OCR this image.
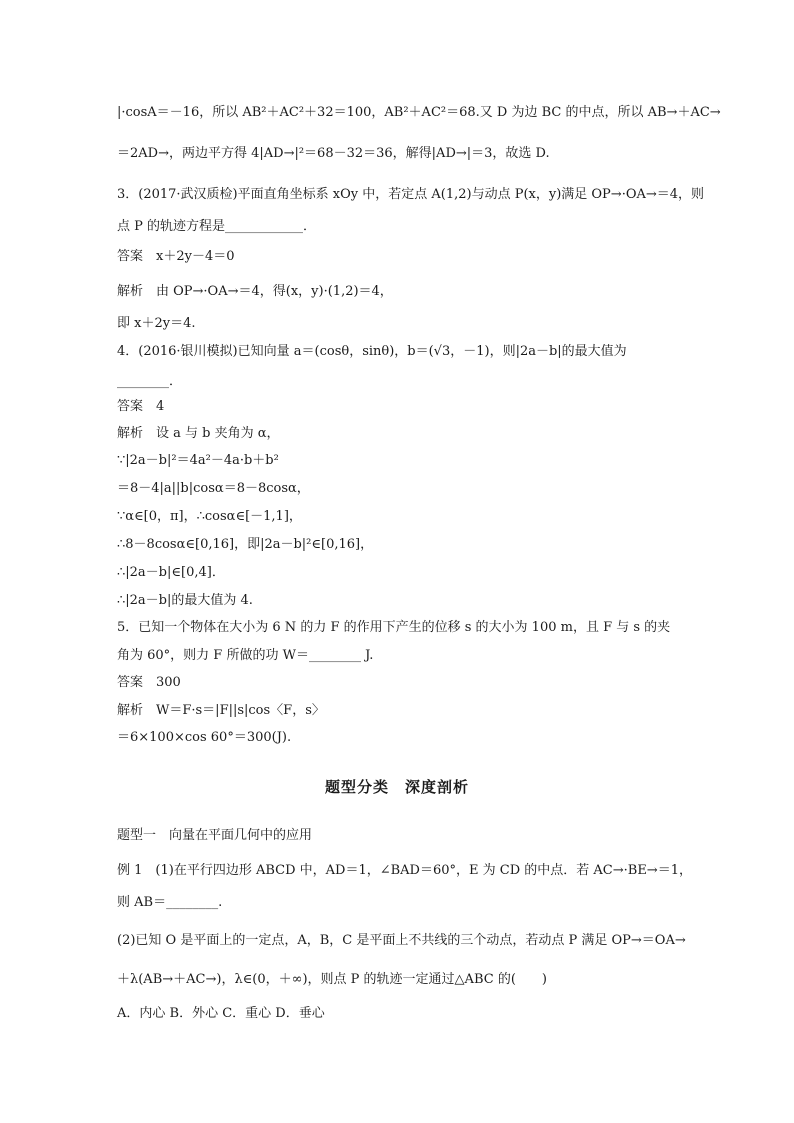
|·cosA＝－16，所以 AB²＋AC²＋32＝100，AB²＋AC²＝68.又 D 为边 BC 的中点，所以 AB→＋AC→
＝2AD→，两边平方得 4|AD→|²＝68－32＝36，解得|AD→|＝3，故选 D.
3．(2017·武汉质检)平面直角坐标系 xOy 中，若定点 A(1,2)与动点 P(x，y)满足 OP→·OA→＝4，则
点 P 的轨迹方程是____________．
答案　x＋2y－4＝0
解析　由 OP→·OA→＝4，得(x，y)·(1,2)＝4，
即 x＋2y＝4.
4．(2016·银川模拟)已知向量 a＝(cosθ，sinθ)，b＝(√3，－1)，则|2a－b|的最大值为
________．
答案　4
解析　设 a 与 b 夹角为 α，
∵|2a－b|²＝4a²－4a·b＋b²
＝8－4|a||b|cosα＝8－8cosα，
∵α∈[0，π]，∴cosα∈[－1,1]，
∴8－8cosα∈[0,16]，即|2a－b|²∈[0,16]，
∴|2a－b|∈[0,4]．
∴|2a－b|的最大值为 4.
5．已知一个物体在大小为 6 N 的力 F 的作用下产生的位移 s 的大小为 100 m，且 F 与 s 的夹
角为 60°，则力 F 所做的功 W＝________ J.
答案　300
解析　W＝F·s＝|F||s|cos〈F，s〉
＝6×100×cos 60°＝300(J).
题型分类　深度剖析
题型一　向量在平面几何中的应用
例 1　(1)在平行四边形 ABCD 中，AD＝1，∠BAD＝60°，E 为 CD 的中点．若 AC→·BE→＝1，
则 AB＝________.
(2)已知 O 是平面上的一定点，A，B，C 是平面上不共线的三个动点，若动点 P 满足 OP→＝OA→
＋λ(AB→＋AC→)，λ∈(0，＋∞)，则点 P 的轨迹一定通过△ABC 的(　　)
A．内心 B．外心 C．重心 D．垂心
